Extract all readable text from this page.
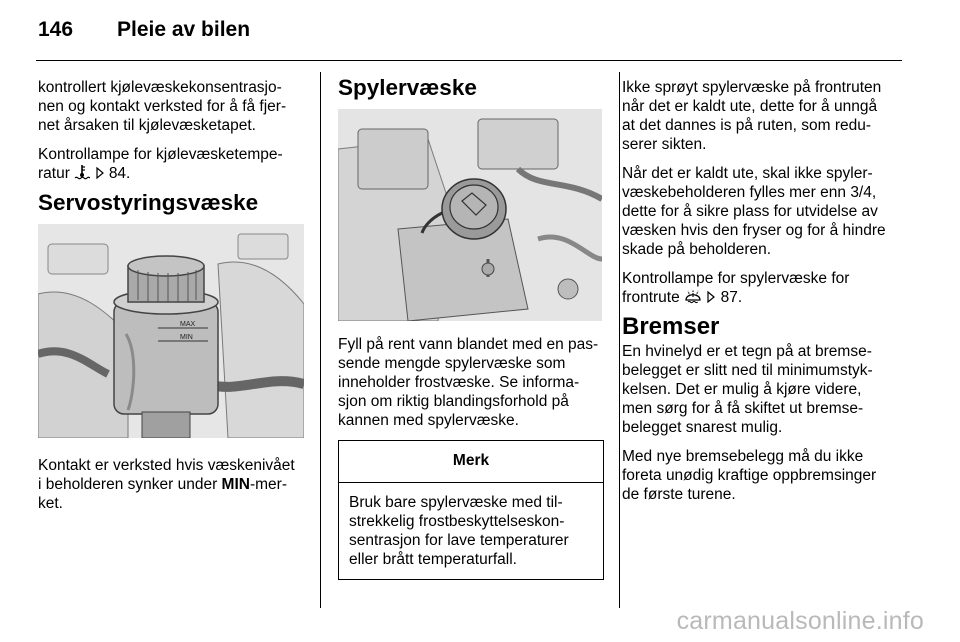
146 Pleie av bilen

kontrollert kjølevæskekonsentrasjo-
nen og kontakt verksted for å få fjer-
net årsaken til kjølevæsketapet.

Kontrollampe for kjølevæsketempe-
ratur	84.

Servostyringsvæske
MAX
MIN

Kontakt er verksted hvis væskenivået
i beholderen synker under MIN-mer-
ket.

Spylervæske

Fyll på rent vann blandet med en pas-
sende mengde spylervæske som
inneholder frostvæske. Se informa-
sjon om riktig blandingsforhold på
kannen med spylervæske.

Merk
Bruk bare spylervæske med til-
strekkelig frostbeskyttelseskon-
sentrasjon for lave temperaturer
eller brått temperaturfall.

Ikke sprøyt spylervæske på frontruten
når det er kaldt ute, dette for å unngå
at det dannes is på ruten, som redu-
serer sikten.

Når det er kaldt ute, skal ikke spyler-
væskebeholderen fylles mer enn 3/4,
dette for å sikre plass for utvidelse av
væsken hvis den fryser og for å hindre
skade på beholderen.

Kontrollampe for spylervæske for
frontrute	87.

Bremser

En hvinelyd er et tegn på at bremse-
belegget er slitt ned til minimumstyk-
kelsen. Det er mulig å kjøre videre,
men sørg for å få skiftet ut bremse-
belegget snarest mulig.

Med nye bremsebelegg må du ikke
foreta unødig kraftige oppbremsinger
de første turene.

carmanualsonline.info
